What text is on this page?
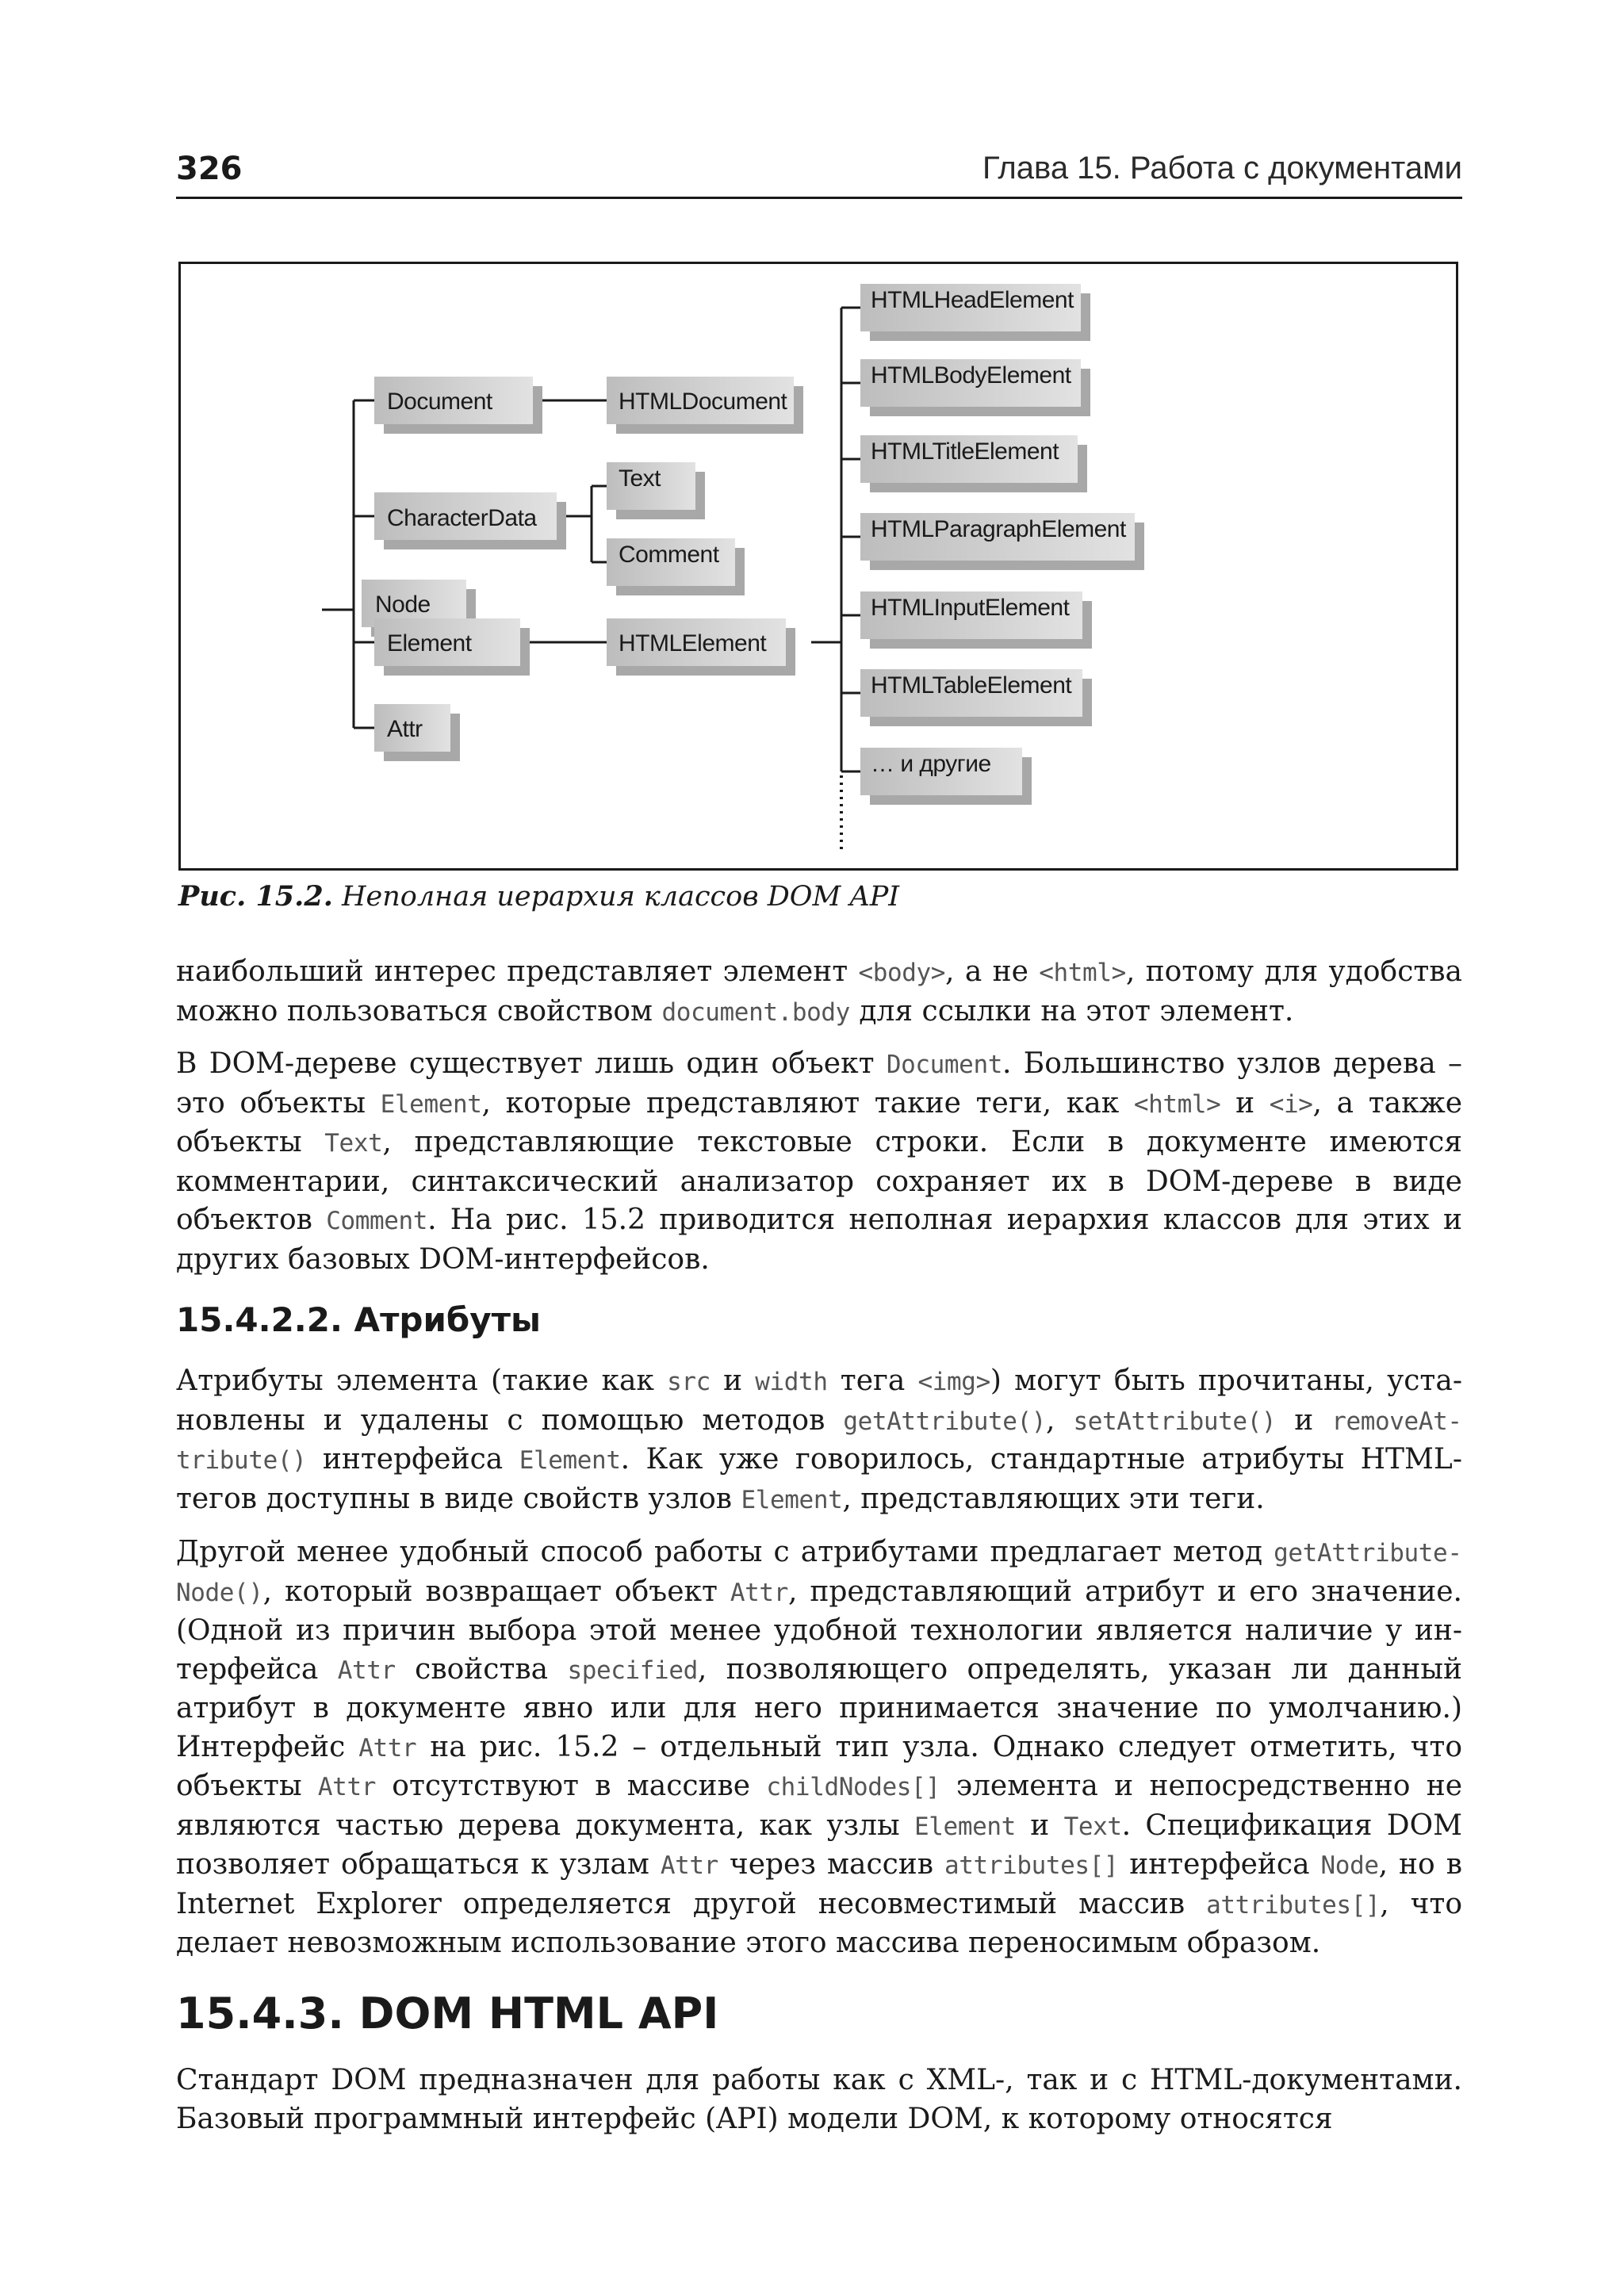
326	Глава 15. Работа с документами
Node
Document
CharacterData
Element
Attr
HTMLDocument
Text
Comment
HTMLElement
HTMLHeadElement
HTMLBodyElement
HTMLTitleElement
HTMLParagraphElement
HTMLInputElement
HTMLTableElement
… и другие
Рис. 15.2. Неполная иерархия классов DOM API

наибольший интерес представляет элемент <body>, а не <html>, потому для удобства можно пользоваться свойством document.body для ссылки на этот элемент.

В DOM-дереве существует лишь один объект Document. Большинство узлов дерева – это объекты Element, которые представляют такие теги, как <html> и <i>, а также объекты Text, представляющие текстовые строки. Если в документе имеются комментарии, синтаксический анализатор сохраняет их в DOM-дереве в виде объектов Comment. На рис. 15.2 приводится неполная иерархия классов для этих и других базовых DOM-интерфейсов.

15.4.2.2. Атрибуты

Атрибуты элемента (такие как src и width тега <img>) могут быть прочитаны, установлены и удалены с помощью методов getAttribute(), setAttribute() и removeAttribute() интерфейса Element. Как уже говорилось, стандартные атрибуты HTML-тегов доступны в виде свойств узлов Element, представляющих эти теги.

Другой менее удобный способ работы с атрибутами предлагает метод getAttributeNode(), который возвращает объект Attr, представляющий атрибут и его значение. (Одной из причин выбора этой менее удобной технологии является наличие у интерфейса Attr свойства specified, позволяющего определять, указан ли данный атрибут в документе явно или для него принимается значение по умолчанию.) Интерфейс Attr на рис. 15.2 – отдельный тип узла. Однако следует отметить, что объекты Attr отсутствуют в массиве childNodes[] элемента и непосредственно не являются частью дерева документа, как узлы Element и Text. Спецификация DOM позволяет обращаться к узлам Attr через массив attributes[] интерфейса Node, но в Internet Explorer определяется другой несовместимый массив attributes[], что делает невозможным использование этого массива переносимым образом.

15.4.3. DOM HTML API

Стандарт DOM предназначен для работы как с XML-, так и с HTML-документами. Базовый программный интерфейс (API) модели DOM, к которому относятся
